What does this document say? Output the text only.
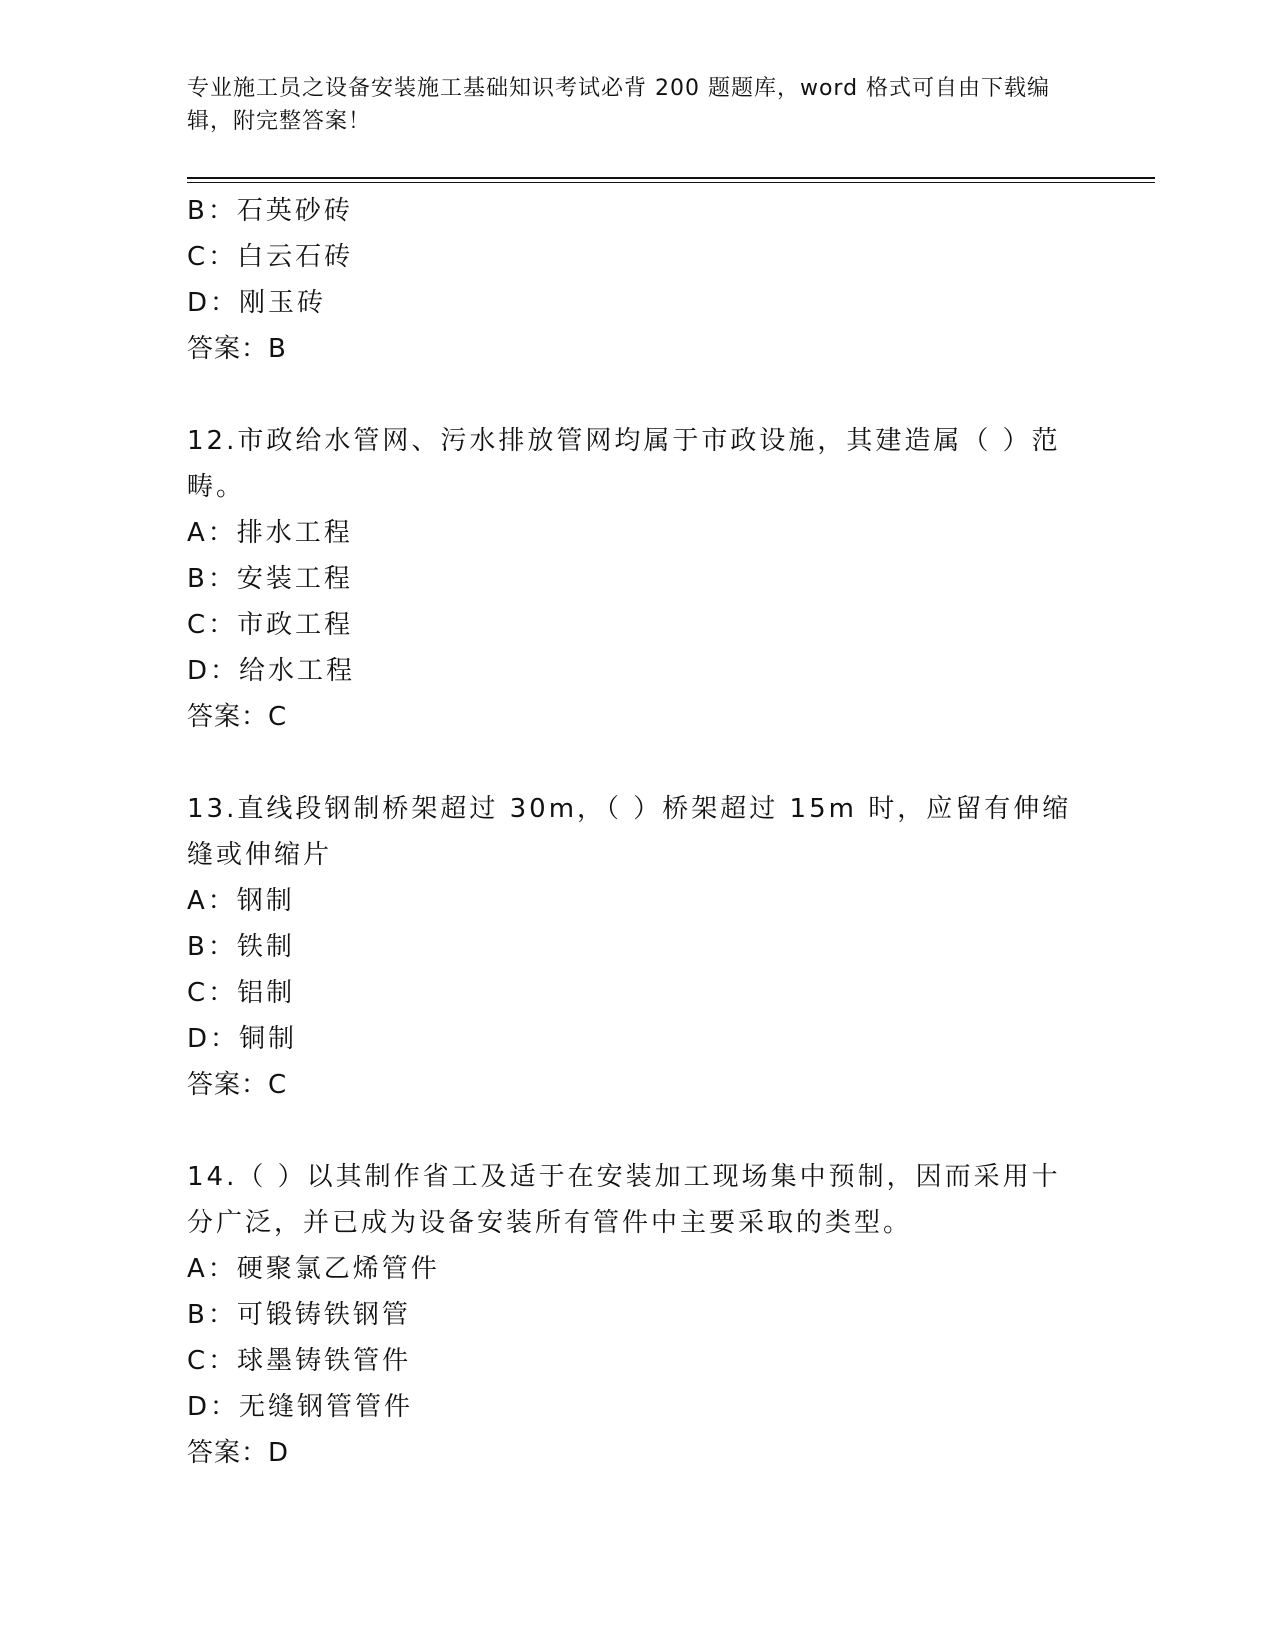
专业施工员之设备安装施工基础知识考试必背 200 题题库，word 格式可自由下载编辑，附完整答案！
B：石英砂砖
C：白云石砖
D：刚玉砖
答案：B
12.市政给水管网、污水排放管网均属于市政设施，其建造属（ ）范畴。
A：排水工程
B：安装工程
C：市政工程
D：给水工程
答案：C
13.直线段钢制桥架超过 30m，（ ）桥架超过 15m 时，应留有伸缩缝或伸缩片
A：钢制
B：铁制
C：铝制
D：铜制
答案：C
14.（ ）以其制作省工及适于在安装加工现场集中预制，因而采用十分广泛，并已成为设备安装所有管件中主要采取的类型。
A：硬聚氯乙烯管件
B：可锻铸铁钢管
C：球墨铸铁管件
D：无缝钢管管件
答案：D
